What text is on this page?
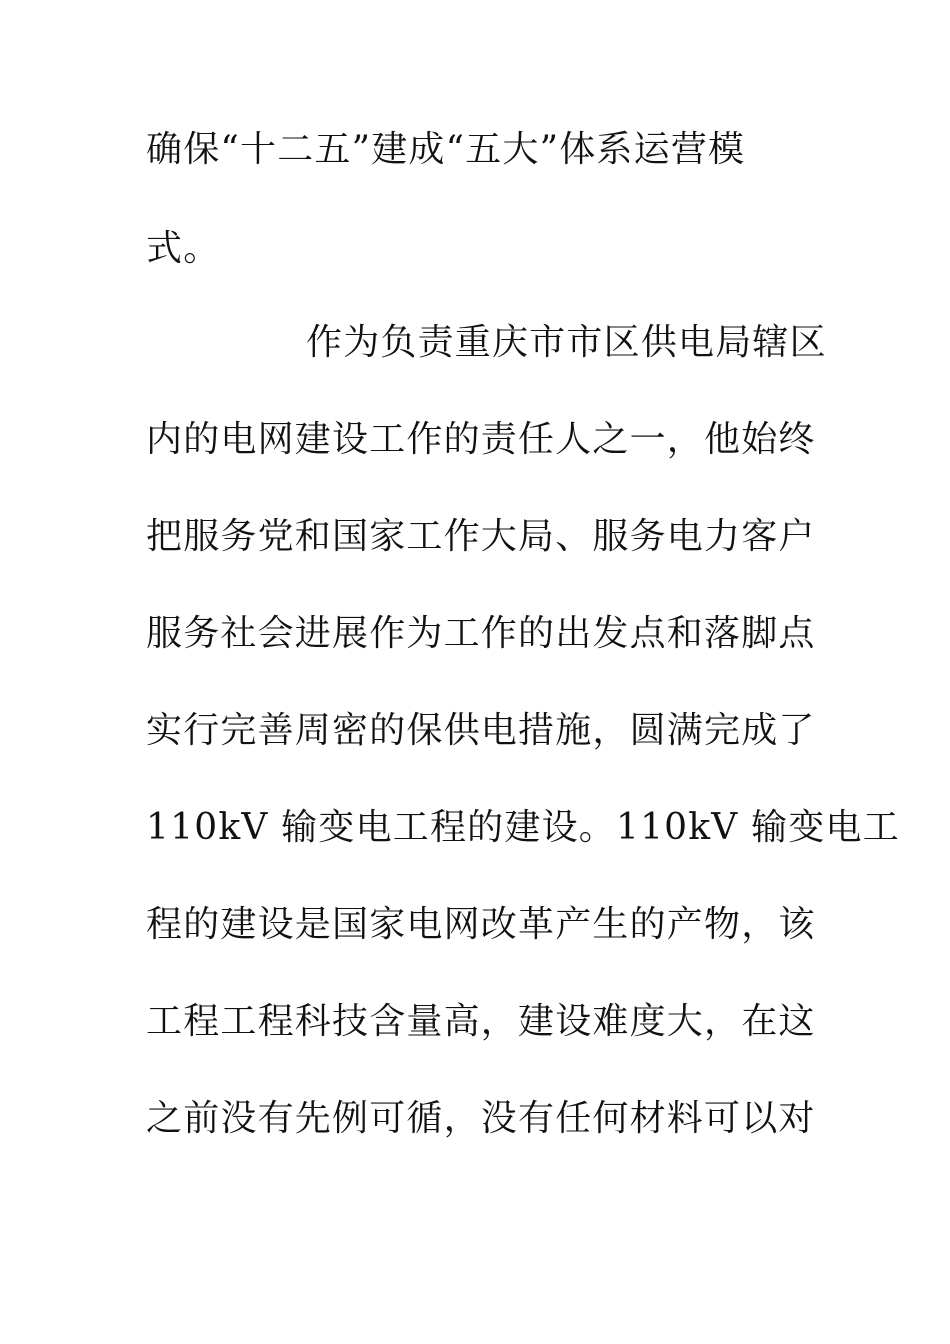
确保“十二五”建成“五大”体系运营模
式。
作为负责重庆市市区供电局辖区
内的电网建设工作的责任人之一，他始终
把服务党和国家工作大局、服务电力客户
服务社会进展作为工作的出发点和落脚点
实行完善周密的保供电措施，圆满完成了
110kV 输变电工程的建设。110kV 输变电工
程的建设是国家电网改革产生的产物，该
工程工程科技含量高，建设难度大，在这
之前没有先例可循，没有任何材料可以对
